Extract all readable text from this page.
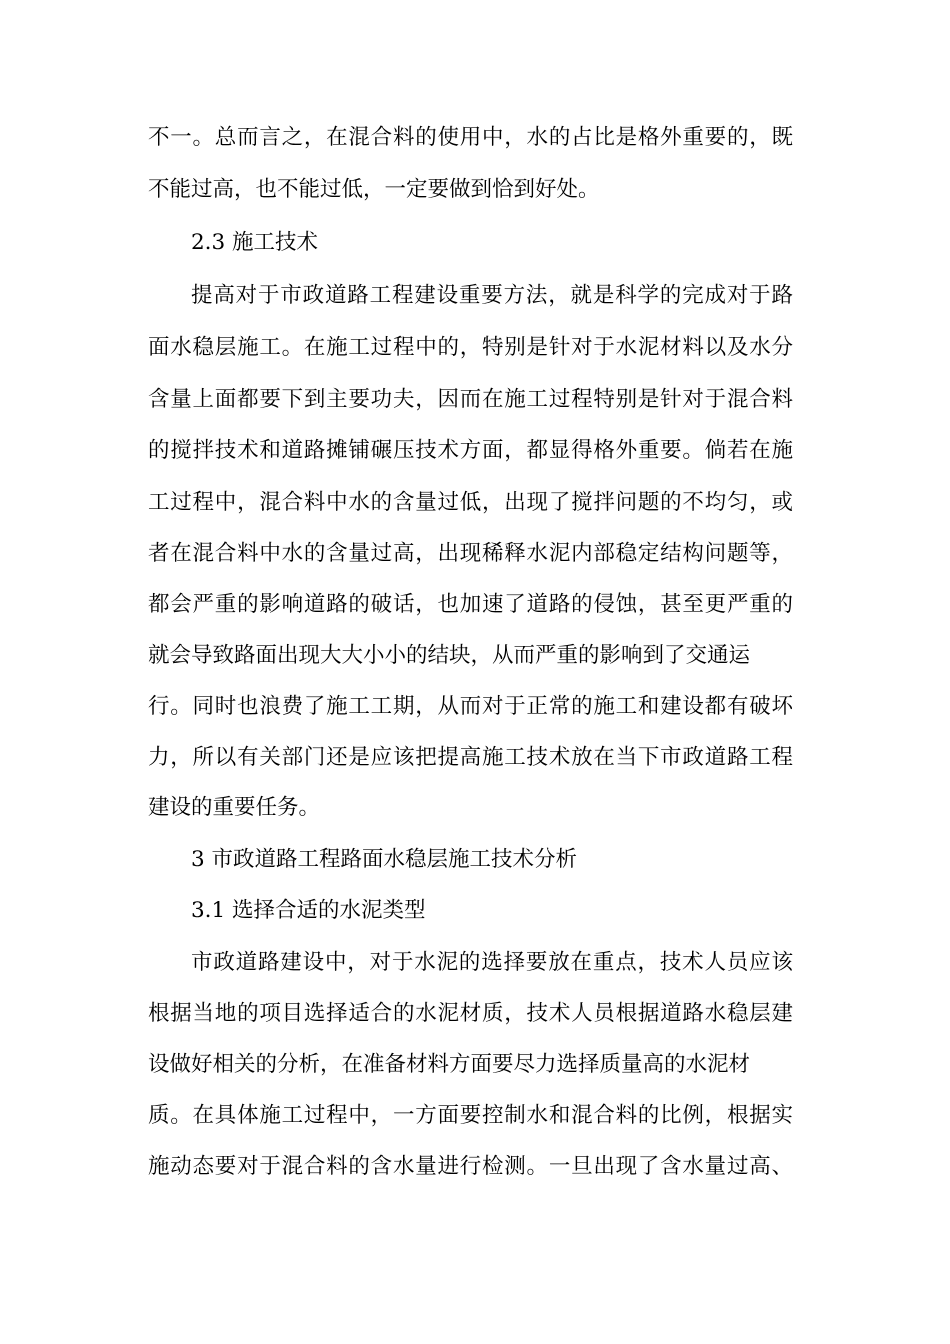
不一。总而言之，在混合料的使用中，水的占比是格外重要的，既
不能过高，也不能过低，一定要做到恰到好处。
2.3 施工技术
提高对于市政道路工程建设重要方法，就是科学的完成对于路
面水稳层施工。在施工过程中的，特别是针对于水泥材料以及水分
含量上面都要下到主要功夫，因而在施工过程特别是针对于混合料
的搅拌技术和道路摊铺碾压技术方面，都显得格外重要。倘若在施
工过程中，混合料中水的含量过低，出现了搅拌问题的不均匀，或
者在混合料中水的含量过高，出现稀释水泥内部稳定结构问题等，
都会严重的影响道路的破话，也加速了道路的侵蚀，甚至更严重的
就会导致路面出现大大小小的结块，从而严重的影响到了交通运
行。同时也浪费了施工工期，从而对于正常的施工和建设都有破坏
力，所以有关部门还是应该把提高施工技术放在当下市政道路工程
建设的重要任务。
3 市政道路工程路面水稳层施工技术分析
3.1 选择合适的水泥类型
市政道路建设中，对于水泥的选择要放在重点，技术人员应该
根据当地的项目选择适合的水泥材质，技术人员根据道路水稳层建
设做好相关的分析，在准备材料方面要尽力选择质量高的水泥材
质。在具体施工过程中，一方面要控制水和混合料的比例，根据实
施动态要对于混合料的含水量进行检测。一旦出现了含水量过高、
